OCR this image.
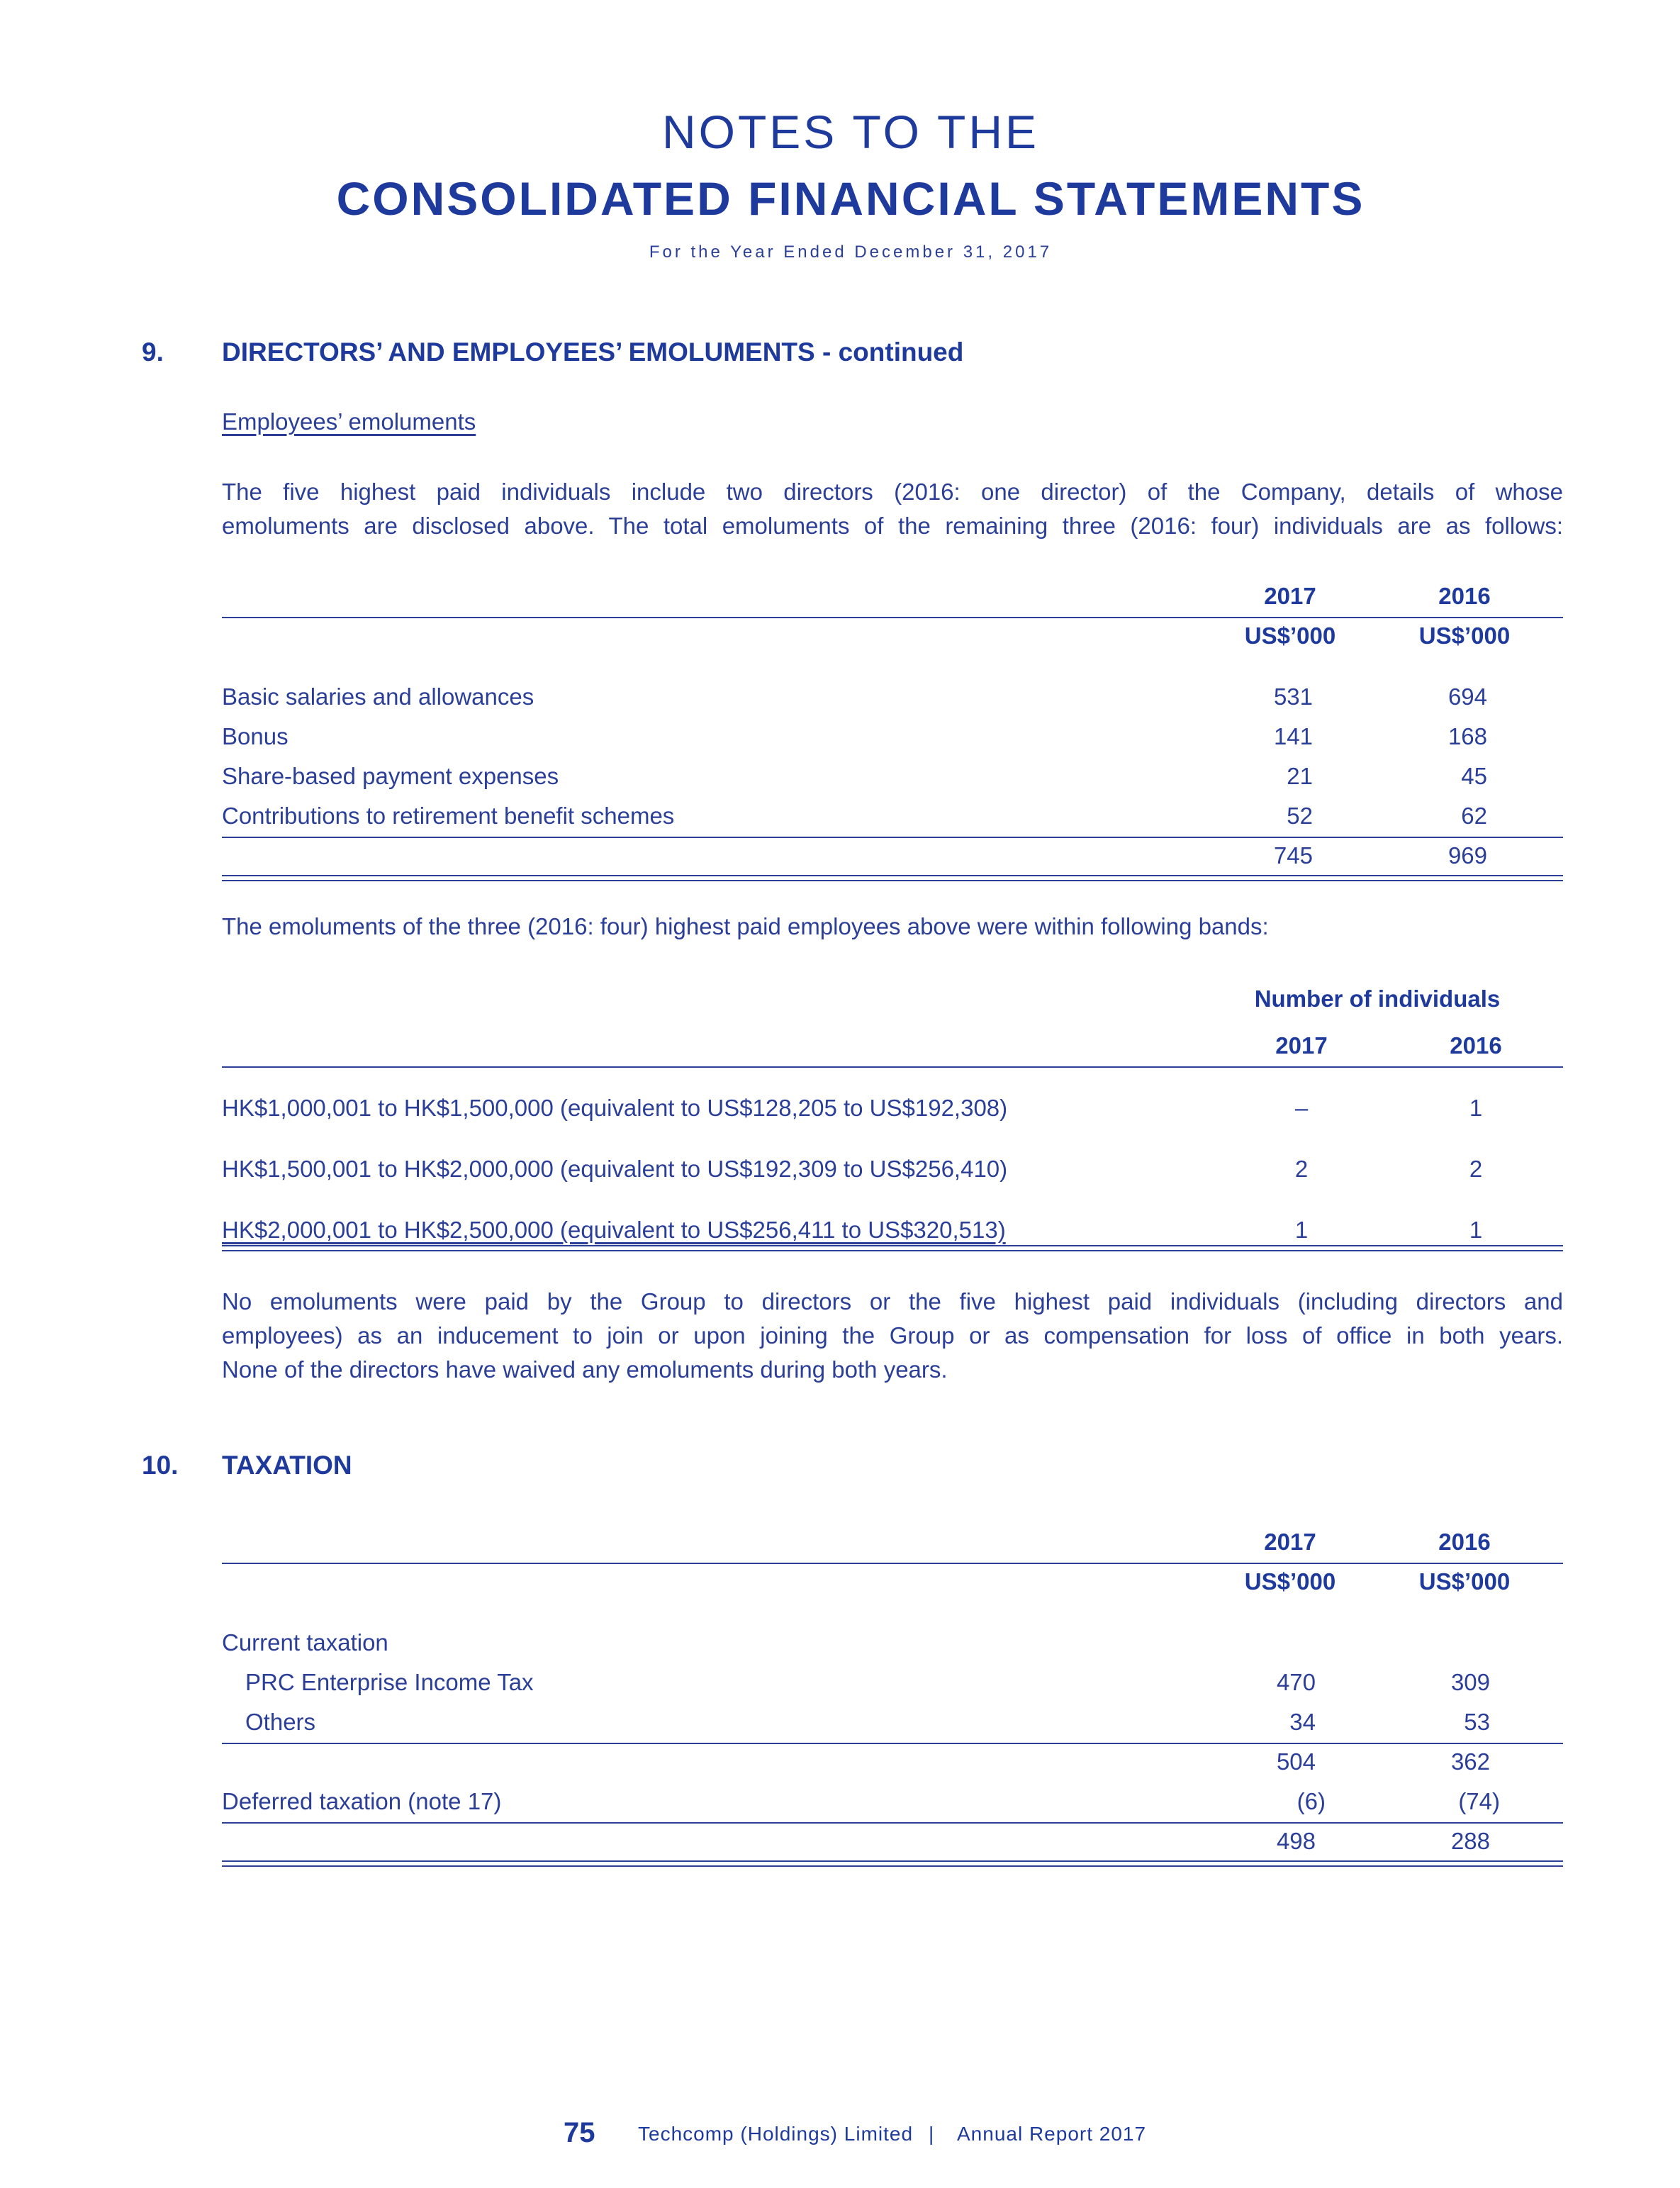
NOTES TO THE
CONSOLIDATED FINANCIAL STATEMENTS
For the Year Ended December 31, 2017
9. DIRECTORS’ AND EMPLOYEES’ EMOLUMENTS - continued
Employees’ emoluments
The five highest paid individuals include two directors (2016: one director) of the Company, details of whose
emoluments are disclosed above. The total emoluments of the remaining three (2016: four) individuals are as follows:
2017	2016
US$’000	US$’000
Basic salaries and allowances	531	694
Bonus	141	168
Share-based payment expenses	21	45
Contributions to retirement benefit schemes	52	62
745	969
The emoluments of the three (2016: four) highest paid employees above were within following bands:
Number of individuals
2017	2016
HK$1,000,001 to HK$1,500,000 (equivalent to US$128,205 to US$192,308)	–	1
HK$1,500,001 to HK$2,000,000 (equivalent to US$192,309 to US$256,410)	2	2
HK$2,000,001 to HK$2,500,000 (equivalent to US$256,411 to US$320,513)	1	1
No emoluments were paid by the Group to directors or the five highest paid individuals (including directors and
employees) as an inducement to join or upon joining the Group or as compensation for loss of office in both years.
None of the directors have waived any emoluments during both years.
10. TAXATION
2017	2016
US$’000	US$’000
Current taxation
PRC Enterprise Income Tax	470	309
Others	34	53
504	362
Deferred taxation (note 17)	(6)	(74)
498	288
75 Techcomp (Holdings) Limited | Annual Report 2017
